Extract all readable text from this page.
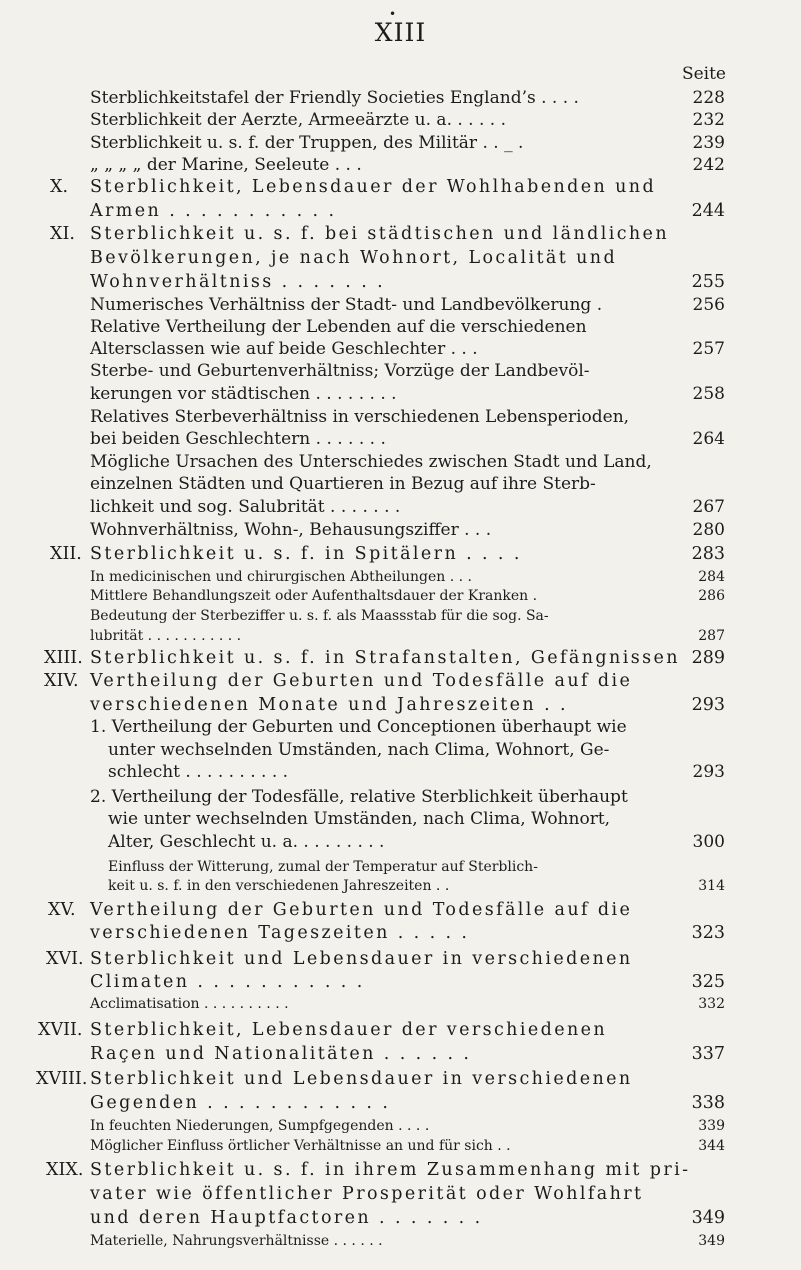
•
XIII
Seite
Sterblichkeitstafel der Friendly Societies England’s . . . .	228
Sterblichkeit der Aerzte, Armeeärzte u. a. . . . . .	232
Sterblichkeit u. s. f. der Truppen, des Militär . . _ .	239
„ „ „ „ der Marine, Seeleute . . .	242
X. Sterblichkeit, Lebensdauer der Wohlhabenden und
Armen . . . . . . . . . . .	244
XI. Sterblichkeit u. s. f. bei städtischen und ländlichen
Bevölkerungen, je nach Wohnort, Localität und
Wohnverhältniss . . . . . . .	255
Numerisches Verhältniss der Stadt- und Landbevölkerung .	256
Relative Vertheilung der Lebenden auf die verschiedenen
Altersclassen wie auf beide Geschlechter . . .	257
Sterbe- und Geburtenverhältniss; Vorzüge der Landbevöl-
kerungen vor städtischen . . . . . . . .	258
Relatives Sterbeverhältniss in verschiedenen Lebensperioden,
bei beiden Geschlechtern . . . . . . .	264
Mögliche Ursachen des Unterschiedes zwischen Stadt und Land,
einzelnen Städten und Quartieren in Bezug auf ihre Sterb-
lichkeit und sog. Salubrität . . . . . . .	267
Wohnverhältniss, Wohn-, Behausungsziffer . . .	280
XII. Sterblichkeit u. s. f. in Spitälern . . . .	283
In medicinischen und chirurgischen Abtheilungen . . .	284
Mittlere Behandlungszeit oder Aufenthaltsdauer der Kranken .	286
Bedeutung der Sterbeziffer u. s. f. als Maassstab für die sog. Sa-
lubrität . . . . . . . . . . .	287
XIII. Sterblichkeit u. s. f. in Strafanstalten, Gefängnissen 289
XIV. Vertheilung der Geburten und Todesfälle auf die
verschiedenen Monate und Jahreszeiten . .	293
1. Vertheilung der Geburten und Conceptionen überhaupt wie
unter wechselnden Umständen, nach Clima, Wohnort, Ge-
schlecht . . . . . . . . . .	293
2. Vertheilung der Todesfälle, relative Sterblichkeit überhaupt
wie unter wechselnden Umständen, nach Clima, Wohnort,
Alter, Geschlecht u. a. . . . . . . . .	300
Einfluss der Witterung, zumal der Temperatur auf Sterblich-
keit u. s. f. in den verschiedenen Jahreszeiten . .	314
XV. Vertheilung der Geburten und Todesfälle auf die
verschiedenen Tageszeiten . . . . .	323
XVI. Sterblichkeit und Lebensdauer in verschiedenen
Climaten . . . . . . . . . . .	325
Acclimatisation . . . . . . . . . .	332
XVII. Sterblichkeit, Lebensdauer der verschiedenen
Raçen und Nationalitäten . . . . . .	337
XVIII. Sterblichkeit und Lebensdauer in verschiedenen
Gegenden . . . . . . . . . . . .	338
In feuchten Niederungen, Sumpfgegenden . . . .	339
Möglicher Einfluss örtlicher Verhältnisse an und für sich . .	344
XIX. Sterblichkeit u. s. f. in ihrem Zusammenhang mit pri-
vater wie öffentlicher Prosperität oder Wohlfahrt
und deren Hauptfactoren . . . . . . .	349
Materielle, Nahrungsverhältnisse . . . . . .	349
